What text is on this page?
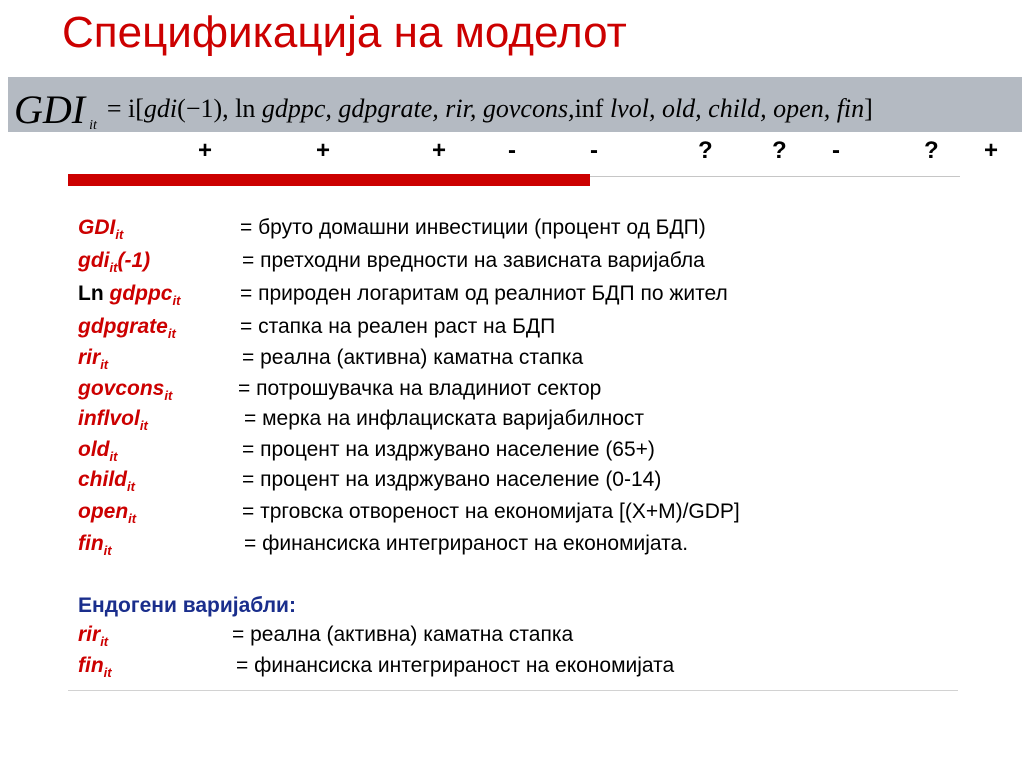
Спецификација на моделот
GDI it = i[gdi(−1), ln gdppc, gdpgrate, rir, govcons,inf lvol, old, child, open, fin]
+	+	+	-	-	? ? -	? +
$GDI_{it}$	= бруто домашни инвестиции (процент од БДП)
gdi$_{it}$(-1)	= претходни вредности на зависната варијабла
Ln gdppc$_{it}$	= природен логаритам од реалниот БДП по жител
gdpgrate$_{it}$	= стапка на реален раст на БДП
rir$_{it}$	= реална (активна) каматна стапка
govcons$_{it}$	= потрошувачка на владиниот сектор
inflvol$_{it}$	= мерка на инфлациската варијабилност
old$_{it}$	= процент на издржувано население (65+)
child$_{it}$	= процент на издржувано население (0-14)
open$_{it}$	= трговска отвореност на економијата [(X+M)/GDP]
fin$_{it}$	= финансиска интегрираност на економијата.
Ендогени варијабли:
rir$_{it}$	= реална (активна) каматна стапка
fin$_{it}$	= финансиска интегрираност на економијата
